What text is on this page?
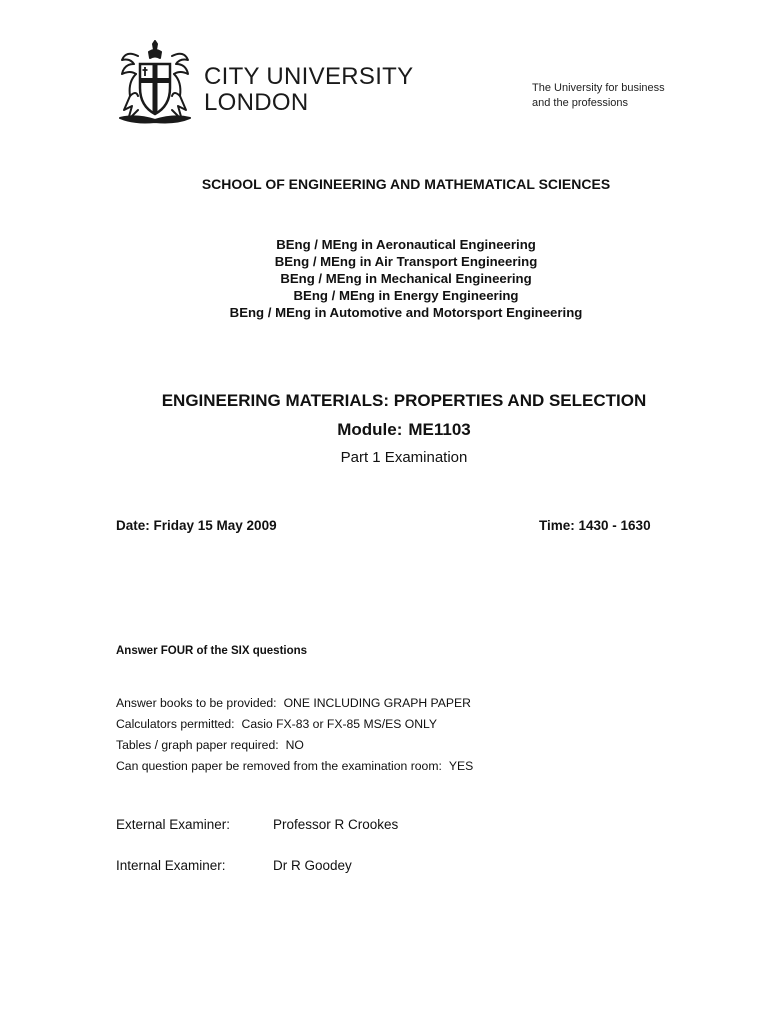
CITY UNIVERSITY
LONDON
The University for business
and the professions
SCHOOL OF ENGINEERING AND MATHEMATICAL SCIENCES
BEng / MEng in Aeronautical Engineering
BEng / MEng in Air Transport Engineering
BEng / MEng in Mechanical Engineering
BEng / MEng in Energy Engineering
BEng / MEng in Automotive and Motorsport Engineering
ENGINEERING MATERIALS: PROPERTIES AND SELECTION
Module: ME1103
Part 1 Examination
Date: Friday 15 May 2009	Time: 1430 - 1630
Answer FOUR of the SIX questions
Answer books to be provided: ONE INCLUDING GRAPH PAPER
Calculators permitted: Casio FX-83 or FX-85 MS/ES ONLY
Tables / graph paper required: NO
Can question paper be removed from the examination room: YES
External Examiner:	Professor R Crookes
Internal Examiner:	Dr R Goodey
